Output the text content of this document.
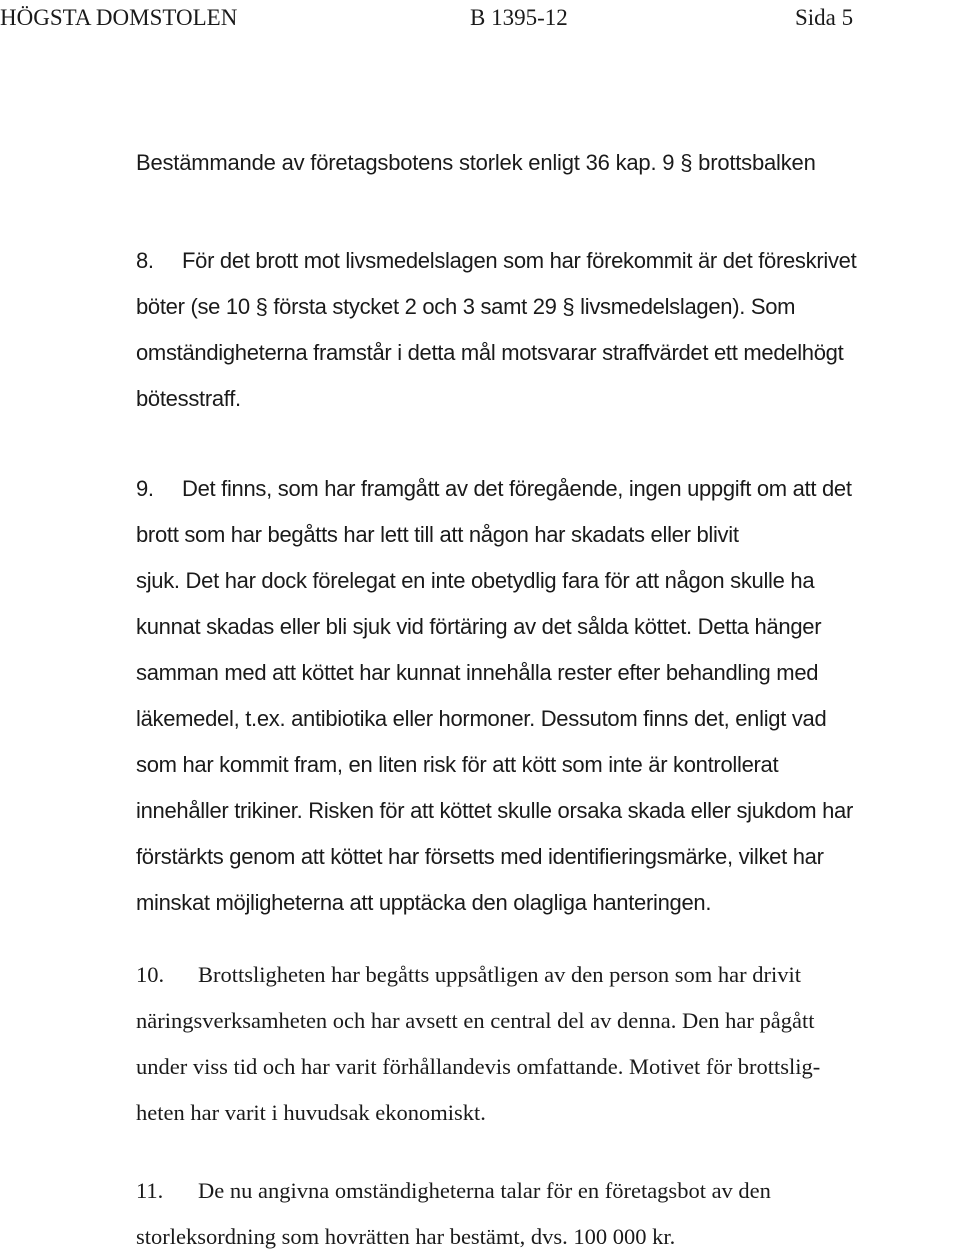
HÖGSTA DOMSTOLEN	B 1395-12	Sida 5
Bestämmande av företagsbotens storlek enligt 36 kap. 9 § brottsbalken
8. För det brott mot livsmedelslagen som har förekommit är det föreskrivet
böter (se 10 § första stycket 2 och 3 samt 29 § livsmedelslagen). Som
omständigheterna framstår i detta mål motsvarar straffvärdet ett medelhögt
bötesstraff.
9. Det finns, som har framgått av det föregående, ingen uppgift om att det
brott som har begåtts har lett till att någon har skadats eller blivit
sjuk. Det har dock förelegat en inte obetydlig fara för att någon skulle ha
kunnat skadas eller bli sjuk vid förtäring av det sålda köttet. Detta hänger
samman med att köttet har kunnat innehålla rester efter behandling med
läkemedel, t.ex. antibiotika eller hormoner. Dessutom finns det, enligt vad
som har kommit fram, en liten risk för att kött som inte är kontrollerat
innehåller trikiner. Risken för att köttet skulle orsaka skada eller sjukdom har
förstärkts genom att köttet har försetts med identifieringsmärke, vilket har
minskat möjligheterna att upptäcka den olagliga hanteringen.
10. Brottsligheten har begåtts uppsåtligen av den person som har drivit
näringsverksamheten och har avsett en central del av denna. Den har pågått
under viss tid och har varit förhållandevis omfattande. Motivet för brottslig-
heten har varit i huvudsak ekonomiskt.
11. De nu angivna omständigheterna talar för en företagsbot av den
storleksordning som hovrätten har bestämt, dvs. 100 000 kr.
